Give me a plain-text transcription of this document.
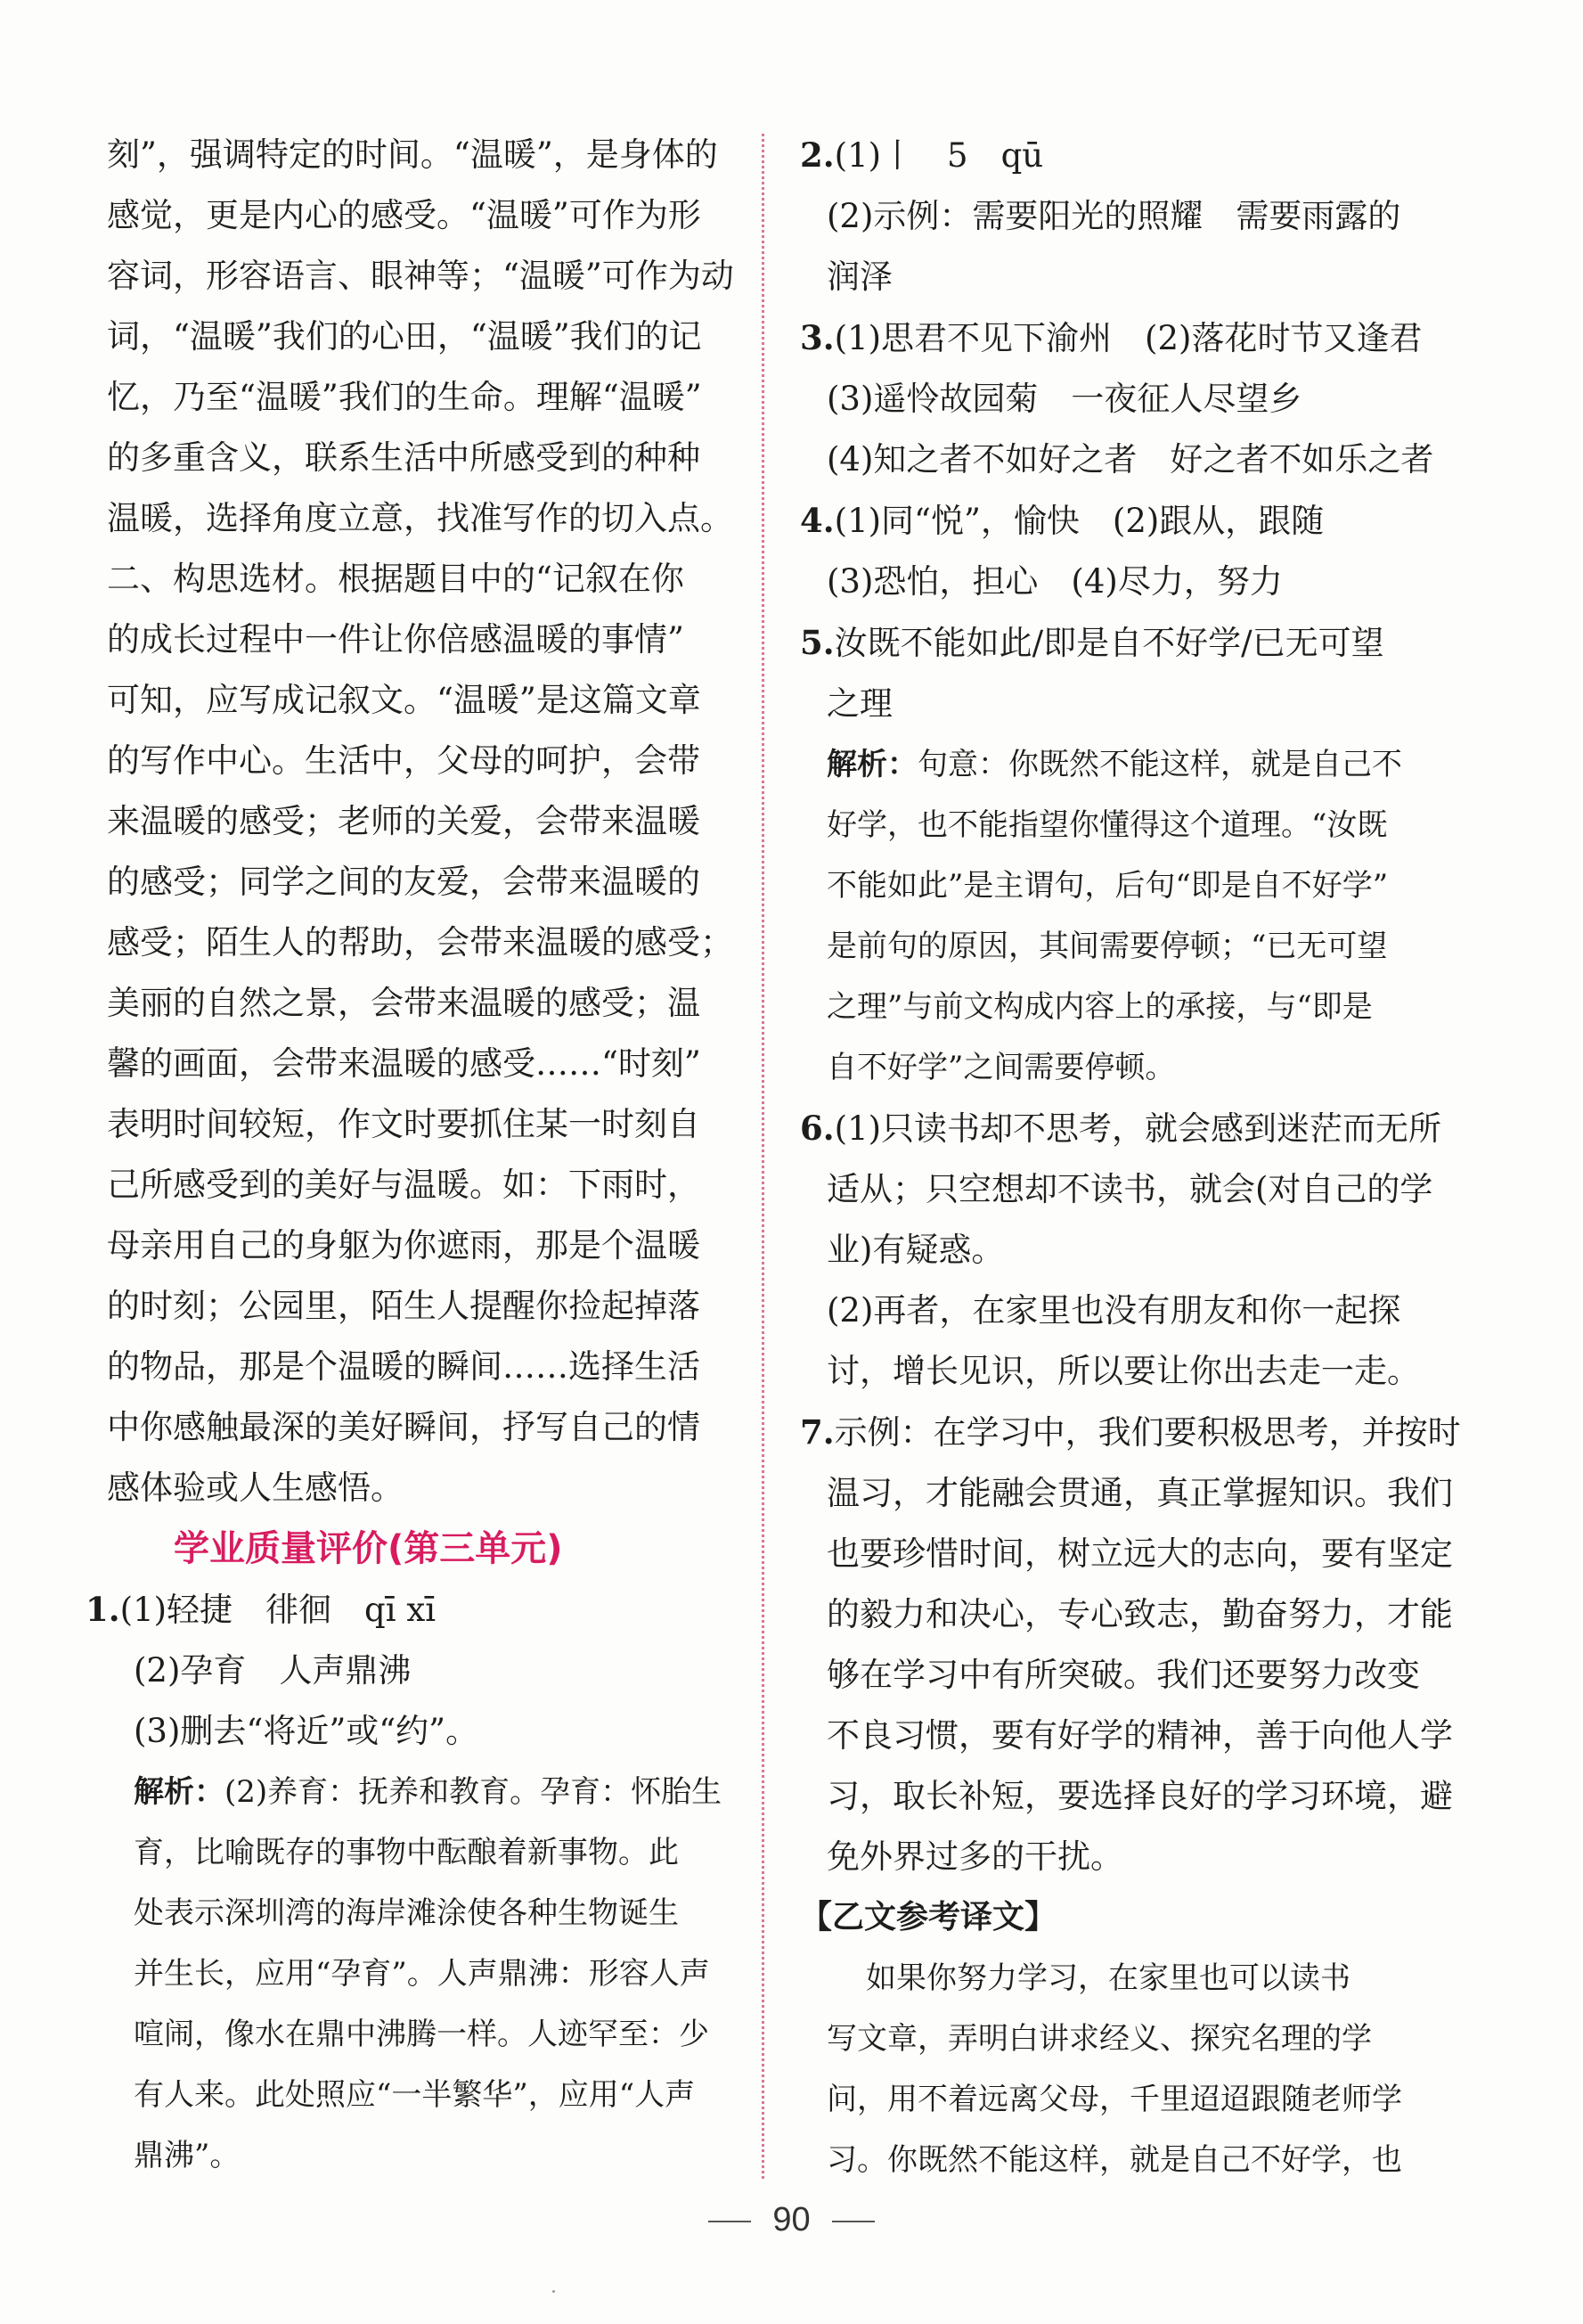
刻”，强调特定的时间。“温暖”，是身体的

感觉，更是内心的感受。“温暖”可作为形

容词，形容语言、眼神等；“温暖”可作为动

词，“温暖”我们的心田，“温暖”我们的记

忆，乃至“温暖”我们的生命。理解“温暖”

的多重含义，联系生活中所感受到的种种

温暖，选择角度立意，找准写作的切入点。

二、构思选材。根据题目中的“记叙在你

的成长过程中一件让你倍感温暖的事情”

可知，应写成记叙文。“温暖”是这篇文章

的写作中心。生活中，父母的呵护，会带

来温暖的感受；老师的关爱，会带来温暖

的感受；同学之间的友爱，会带来温暖的

感受；陌生人的帮助，会带来温暖的感受；

美丽的自然之景，会带来温暖的感受；温

馨的画面，会带来温暖的感受……“时刻”

表明时间较短，作文时要抓住某一时刻自

己所感受到的美好与温暖。如：下雨时，

母亲用自己的身躯为你遮雨，那是个温暖

的时刻；公园里，陌生人提醒你捡起掉落

的物品，那是个温暖的瞬间……选择生活

中你感触最深的美好瞬间，抒写自己的情

感体验或人生感悟。

学业质量评价(第三单元)

1.(1)轻捷　徘徊　qī xī

(2)孕育　人声鼎沸

(3)删去“将近”或“约”。

解析：(2)养育：抚养和教育。孕育：怀胎生

育，比喻既存的事物中酝酿着新事物。此

处表示深圳湾的海岸滩涂使各种生物诞生

并生长，应用“孕育”。人声鼎沸：形容人声

喧闹，像水在鼎中沸腾一样。人迹罕至：少

有人来。此处照应“一半繁华”，应用“人声

鼎沸”。

2.(1)丨　5　qū

(2)示例：需要阳光的照耀　需要雨露的

润泽

3.(1)思君不见下渝州　(2)落花时节又逢君

(3)遥怜故园菊　一夜征人尽望乡

(4)知之者不如好之者　好之者不如乐之者

4.(1)同“悦”，愉快　(2)跟从，跟随

(3)恐怕，担心　(4)尽力，努力

5.汝既不能如此/即是自不好学/已无可望

之理

解析：句意：你既然不能这样，就是自己不

好学，也不能指望你懂得这个道理。“汝既

不能如此”是主谓句，后句“即是自不好学”

是前句的原因，其间需要停顿；“已无可望

之理”与前文构成内容上的承接，与“即是

自不好学”之间需要停顿。

6.(1)只读书却不思考，就会感到迷茫而无所

适从；只空想却不读书，就会(对自己的学

业)有疑惑。

(2)再者，在家里也没有朋友和你一起探

讨，增长见识，所以要让你出去走一走。

7.示例：在学习中，我们要积极思考，并按时

温习，才能融会贯通，真正掌握知识。我们

也要珍惜时间，树立远大的志向，要有坚定

的毅力和决心，专心致志，勤奋努力，才能

够在学习中有所突破。我们还要努力改变

不良习惯，要有好学的精神，善于向他人学

习，取长补短，要选择良好的学习环境，避

免外界过多的干扰。

【乙文参考译文】

如果你努力学习，在家里也可以读书

写文章，弄明白讲求经义、探究名理的学

问，用不着远离父母，千里迢迢跟随老师学

习。你既然不能这样，就是自己不好学，也

90
